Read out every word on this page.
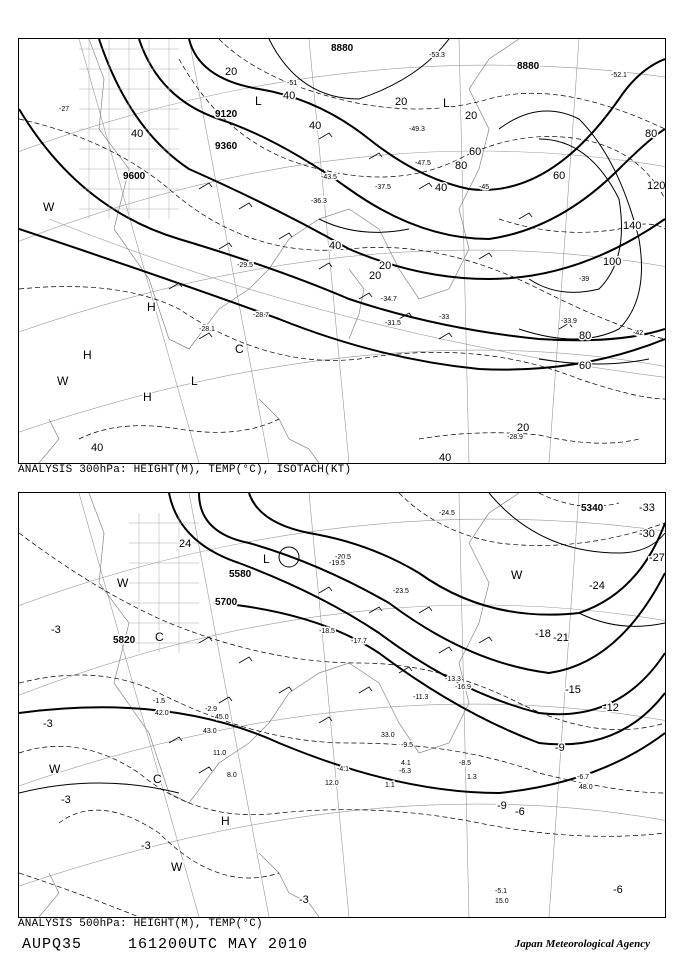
8880
8880
9120
9360
9600
20
40
40
60
80
120
140
100
80
60
40
40
20
20
20
20
40
80
60
40
20
40
-53.3
-52.1
-51
-49.3
-47.5
-45
-43.5
-37.5
-36.3
-34.7
-33
-31.5
-29.5
-28.7
-28.1
-27
-28.9
-33.9
-39
-42
L	L
L
H
H
H
W
W
C
ANALYSIS 300hPa: HEIGHT(M), TEMP(°C), ISOTACH(KT)
5340
5580
5700
5820
-33
-30
-27
-24
-21
-18
-15
-12
-9
-6
-3
-3
-3
-3
-3
-6
-9
24
-24.5
-23.5
-20.5
-19.5
-18.5
-17.7
-16.9
-13.3
-11.3
-9.5
-8.5
-6.7
-6.3
-5.1
-4.1
-2.9
-1.5
15.0
48.0
45.0
42.0
43.0
33.0
11.0
12.0	1.1
1.3
4.1
8.0
L
W
W
W
W
C
C
H
ANALYSIS 500hPa: HEIGHT(M), TEMP(°C)
AUPQ35	161200UTC MAY 2010	Japan Meteorological Agency
